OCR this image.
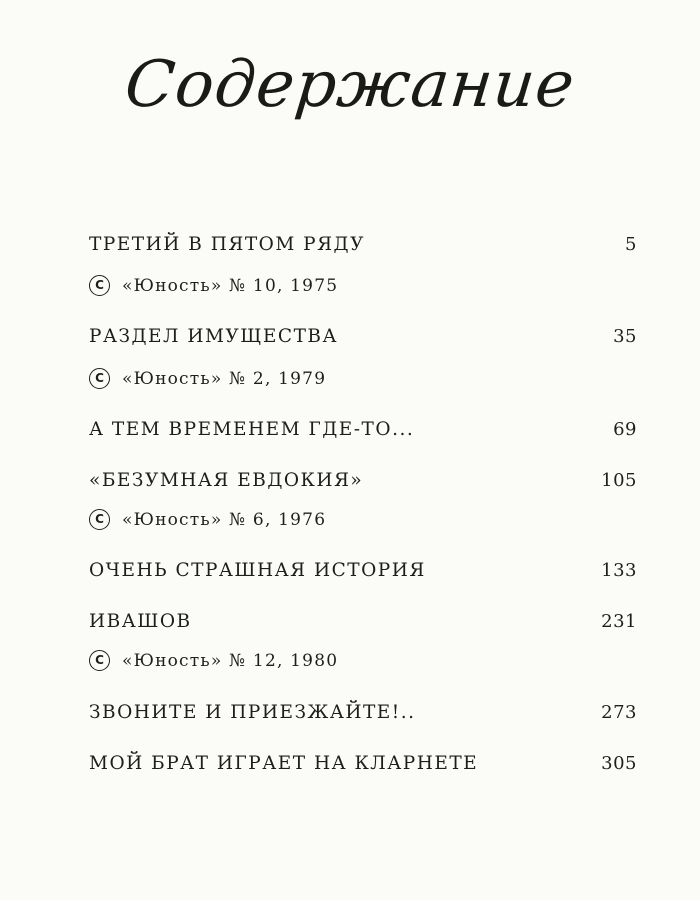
Содержание
ТРЕТИЙ В ПЯТОМ РЯДУ	5
С	«Юность» № 10, 1975
РАЗДЕЛ ИМУЩЕСТВА	35
С	«Юность» № 2, 1979
А ТЕМ ВРЕМЕНЕМ ГДЕ-ТО...	69
«БЕЗУМНАЯ ЕВДОКИЯ»	105
С	«Юность» № 6, 1976
ОЧЕНЬ СТРАШНАЯ ИСТОРИЯ	133
ИВАШОВ	231
С	«Юность» № 12, 1980
ЗВОНИТЕ И ПРИЕЗЖАЙТЕ!..	273
МОЙ БРАТ ИГРАЕТ НА КЛАРНЕТЕ	305
